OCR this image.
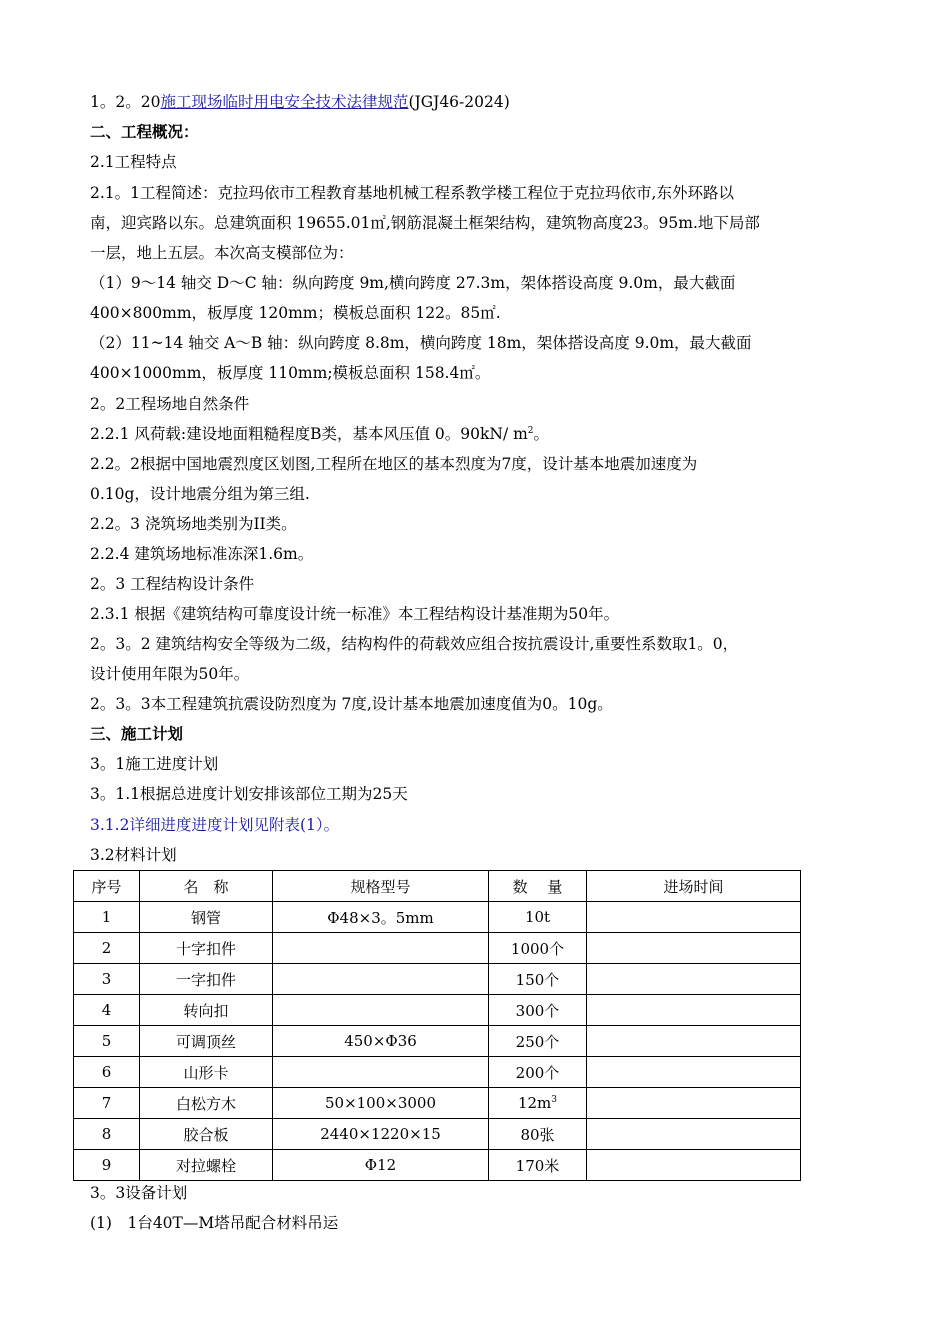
1。2。20施工现场临时用电安全技术法律规范(JGJ46-2024)
二、工程概况：
2.1工程特点
2.1。1工程简述：克拉玛依市工程教育基地机械工程系教学楼工程位于克拉玛依市,东外环路以
南，迎宾路以东。总建筑面积 19655.01㎡,钢筋混凝土框架结构，建筑物高度23。95m.地下局部
一层，地上五层。本次高支模部位为：
（1）9～14 轴交 D～C 轴：纵向跨度 9m,横向跨度 27.3m，架体搭设高度 9.0m，最大截面
400×800mm，板厚度 120mm；模板总面积 122。85㎡.
（2）11~14 轴交 A～B 轴：纵向跨度 8.8m，横向跨度 18m，架体搭设高度 9.0m，最大截面
400×1000mm，板厚度 110mm;模板总面积 158.4㎡。
2。2工程场地自然条件
2.2.1 风荷载:建设地面粗糙程度B类，基本风压值 0。90kN/ $m^2$。
2.2。2根据中国地震烈度区划图,工程所在地区的基本烈度为7度，设计基本地震加速度为
0.10g，设计地震分组为第三组.
2.2。3 浇筑场地类别为II类。
2.2.4 建筑场地标准冻深1.6m。
2。3 工程结构设计条件
2.3.1 根据《建筑结构可靠度设计统一标准》本工程结构设计基准期为50年。
2。3。2 建筑结构安全等级为二级，结构构件的荷载效应组合按抗震设计,重要性系数取1。0，
设计使用年限为50年。
2。3。3本工程建筑抗震设防烈度为 7度,设计基本地震加速度值为0。10g。
三、施工计划
3。1施工进度计划
3。1.1根据总进度计划安排该部位工期为25天
3.1.2详细进度进度计划见附表(1）。
3.2材料计划
序号	名　称	规格型号	数　 量	进场时间
1	钢管	Φ48×3。5mm	10t	
2	十字扣件		1000个	
3	一字扣件		150个	
4	转向扣		300个	
5	可调顶丝	450×Φ36	250个	
6	山形卡		200个	
7	白松方木	50×100×3000	$12m^3$	
8	胶合板	2440×1220×15	80张	
9	对拉螺栓	Φ12	170米	
3。3设备计划
(1)　1台40T—M塔吊配合材料吊运
